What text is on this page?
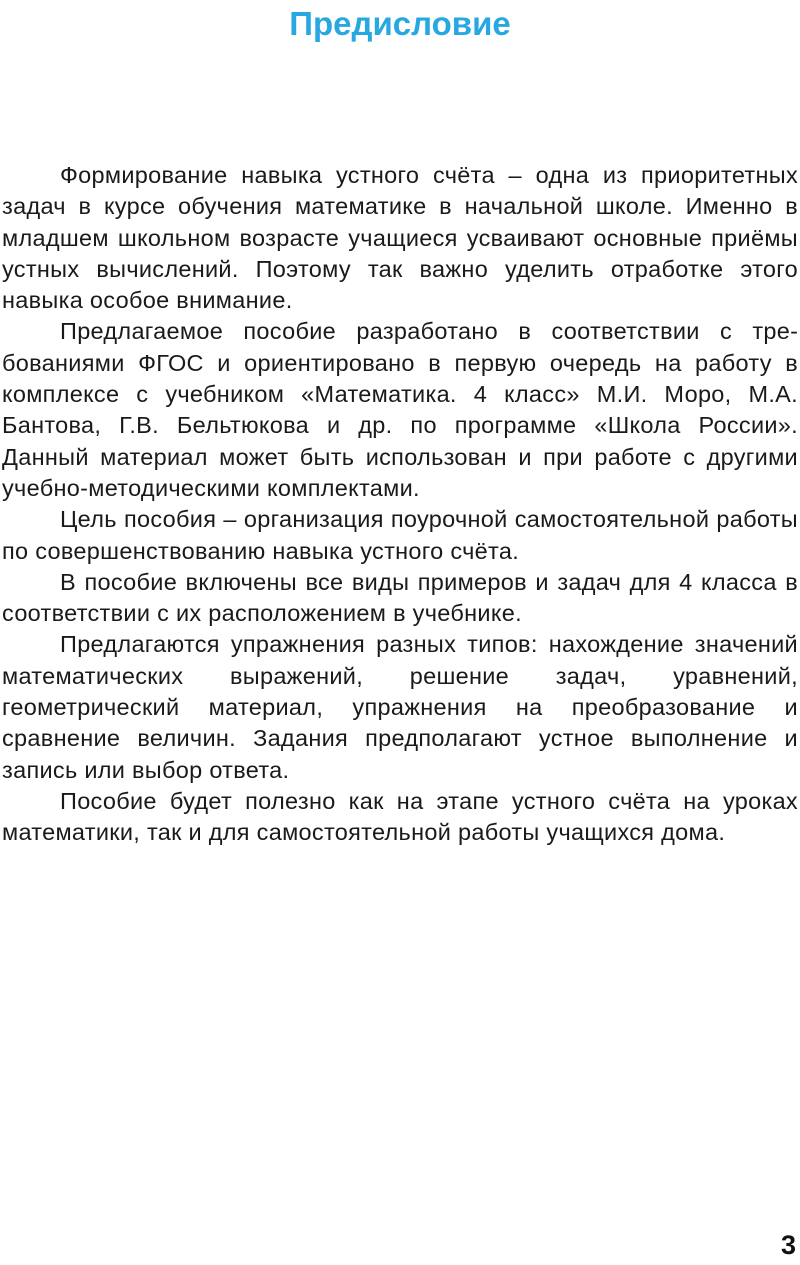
Предисловие

Формирование навыка устного счёта – одна из приоритетных задач в курсе обучения математике в начальной школе. Именно в младшем школьном возрасте учащиеся усваивают основные приёмы устных вычислений. Поэтому так важно уделить отработке этого навыка особое внимание.

Предлагаемое пособие разработано в соответствии с требованиями ФГОС и ориентировано в первую очередь на работу в комплексе с учебником «Математика. 4 класс» М.И. Моро, М.А. Бантова, Г.В. Бельтюкова и др. по программе «Школа России». Данный материал может быть использован и при работе с другими учебно-методическими комплектами.

Цель пособия – организация поурочной самостоятельной работы по совершенствованию навыка устного счёта.

В пособие включены все виды примеров и задач для 4 класса в соответствии с их расположением в учебнике.

Предлагаются упражнения разных типов: нахождение значений математических выражений, решение задач, уравнений, геометрический материал, упражнения на преобразование и сравнение величин. Задания предполагают устное выполнение и запись или выбор ответа.

Пособие будет полезно как на этапе устного счёта на уроках математики, так и для самостоятельной работы учащихся дома.

3
